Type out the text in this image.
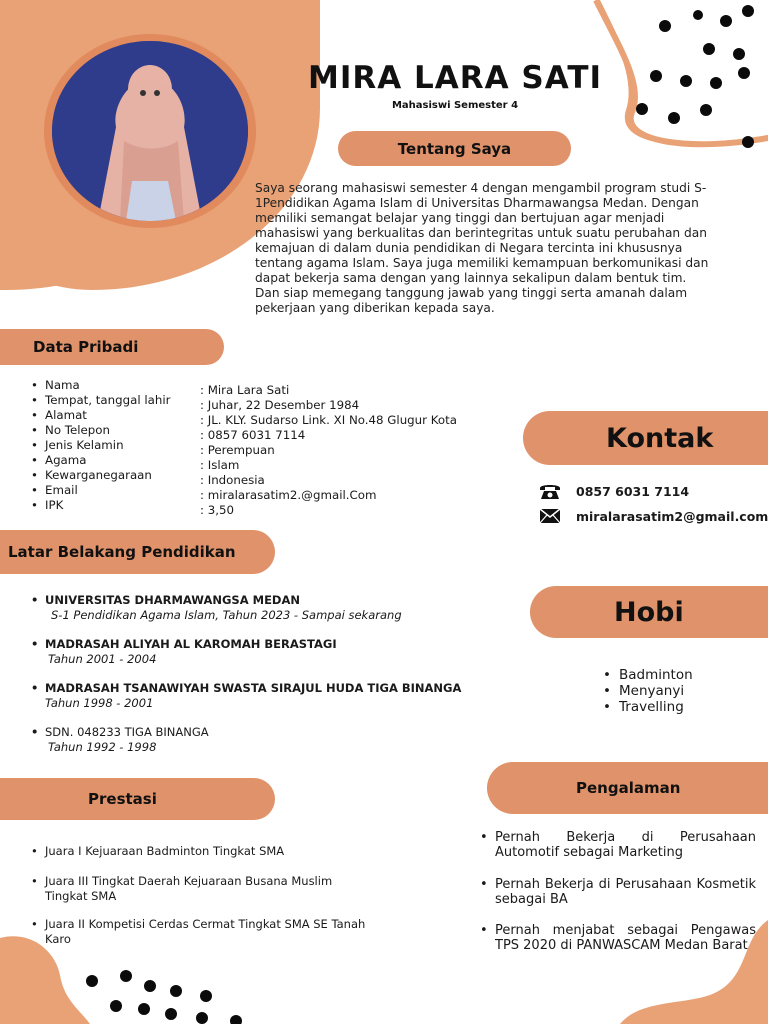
MIRA LARA SATI
Mahasiswi Semester 4
Tentang Saya
Saya seorang mahasiswi semester 4 dengan mengambil program studi S-1Pendidikan Agama Islam di Universitas Dharmawangsa Medan. Dengan memiliki semangat belajar yang tinggi dan bertujuan agar menjadi mahasiswi yang berkualitas dan berintegritas untuk suatu perubahan dan kemajuan di dalam dunia pendidikan di Negara tercinta ini khususnya tentang agama Islam. Saya juga memiliki kemampuan berkomunikasi dan dapat bekerja sama dengan yang lainnya sekalipun dalam bentuk tim. Dan siap memegang tanggung jawab yang tinggi serta amanah dalam pekerjaan yang diberikan kepada saya.
Data Pribadi
• Nama
• Tempat, tanggal lahir
• Alamat
• No Telepon
• Jenis Kelamin
• Agama
• Kewarganegaraan
• Email
• IPK
: Mira Lara Sati
: Juhar, 22 Desember 1984
: JL. KLY. Sudarso Link. XI No.48 Glugur Kota
: 0857 6031 7114
: Perempuan
: Islam
: Indonesia
: miralarasatim2.@gmail.Com
: 3,50
Latar Belakang Pendidikan
• UNIVERSITAS DHARMAWANGSA MEDAN
S-1 Pendidikan Agama Islam, Tahun 2023 - Sampai sekarang
• MADRASAH ALIYAH AL KAROMAH BERASTAGI
Tahun 2001 - 2004
• MADRASAH TSANAWIYAH SWASTA SIRAJUL HUDA TIGA BINANGA
Tahun 1998 - 2001
• SDN. 048233 TIGA BINANGA
Tahun 1992 - 1998
Prestasi
• Juara I Kejuaraan Badminton Tingkat SMA
• Juara III Tingkat Daerah Kejuaraan Busana Muslim Tingkat SMA
• Juara II Kompetisi Cerdas Cermat Tingkat SMA SE Tanah Karo
Kontak
0857 6031 7114
miralarasatim2@gmail.com
Hobi
• Badminton
• Menyanyi
• Travelling
Pengalaman
• Pernah Bekerja di Perusahaan Automotif sebagai Marketing
• Pernah Bekerja di Perusahaan Kosmetik sebagai BA
• Pernah menjabat sebagai Pengawas TPS 2020 di PANWASCAM Medan Barat
